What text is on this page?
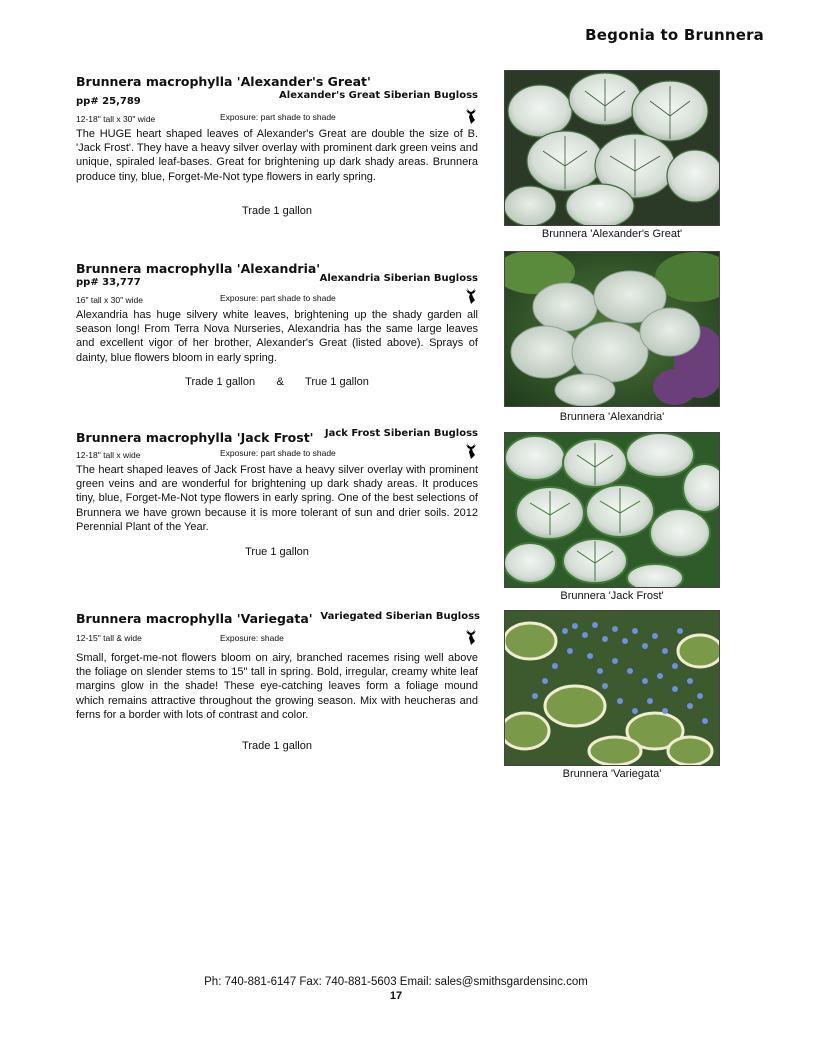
Begonia to Brunnera
Brunnera macrophylla 'Alexander's Great'
Alexander's Great Siberian Bugloss
pp# 25,789
12-18" tall x 30" wide	Exposure: part shade to shade

The HUGE heart shaped leaves of Alexander's Great are double the size of B. 'Jack Frost'. They have a heavy silver overlay with prominent dark green veins and unique, spiraled leaf-bases. Great for brightening up dark shady areas. Brunnera produce tiny, blue, Forget-Me-Not type flowers in early spring.

Trade 1 gallon
Brunnera macrophylla 'Alexandria'
Alexandria Siberian Bugloss
pp# 33,777
16" tall x 30" wide	Exposure: part shade to shade

Alexandria has huge silvery white leaves, brightening up the shady garden all season long! From Terra Nova Nurseries, Alexandria has the same large leaves and excellent vigor of her brother, Alexander's Great (listed above). Sprays of dainty, blue flowers bloom in early spring.

Trade 1 gallon       &       True 1 gallon
Brunnera macrophylla 'Jack Frost' Jack Frost Siberian Bugloss
12-18" tall x wide	Exposure: part shade to shade

The heart shaped leaves of Jack Frost have a heavy silver overlay with prominent green veins and are wonderful for brightening up dark shady areas. It produces tiny, blue, Forget-Me-Not type flowers in early spring. One of the best selections of Brunnera we have grown because it is more tolerant of sun and drier soils. 2012 Perennial Plant of the Year.

True 1 gallon
Brunnera macrophylla 'Variegata' Variegated Siberian Bugloss
12-15" tall & wide	Exposure: shade

Small, forget-me-not flowers bloom on airy, branched racemes rising well above the foliage on slender stems to 15" tall in spring. Bold, irregular, creamy white leaf margins glow in the shade! These eye-catching leaves form a foliage mound which remains attractive throughout the growing season. Mix with heucheras and ferns for a border with lots of contrast and color.

Trade 1 gallon
Brunnera 'Alexander's Great'
Brunnera 'Alexandria'
Brunnera 'Jack Frost'
Brunnera 'Variegata'
Ph: 740-881-6147 Fax: 740-881-5603 Email: sales@smithsgardensinc.com
17
